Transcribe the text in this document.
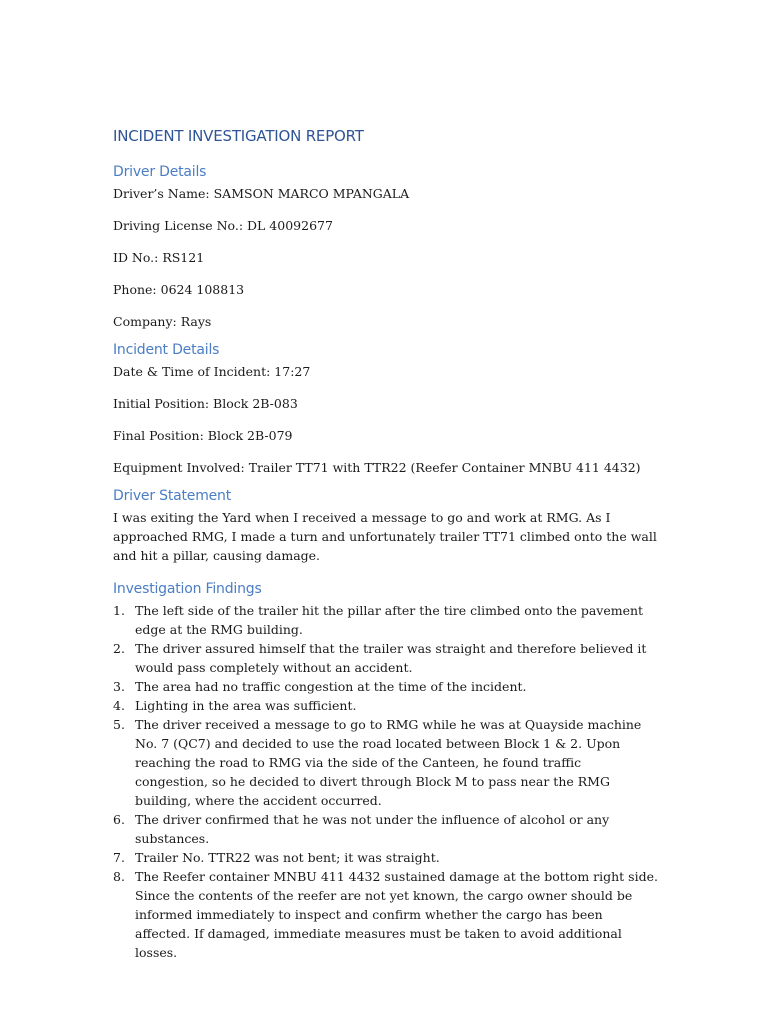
INCIDENT INVESTIGATION REPORT
Driver Details

Driver’s Name: SAMSON MARCO MPANGALA

Driving License No.: DL 40092677

ID No.: RS121

Phone: 0624 108813

Company: Rays

Incident Details

Date & Time of Incident: 17:27

Initial Position: Block 2B-083

Final Position: Block 2B-079

Equipment Involved: Trailer TT71 with TTR22 (Reefer Container MNBU 411 4432)

Driver Statement

I was exiting the Yard when I received a message to go and work at RMG. As I approached RMG, I made a turn and unfortunately trailer TT71 climbed onto the wall and hit a pillar, causing damage.

Investigation Findings
1. The left side of the trailer hit the pillar after the tire climbed onto the pavement edge at the RMG building.
2. The driver assured himself that the trailer was straight and therefore believed it would pass completely without an accident.
3. The area had no traffic congestion at the time of the incident.
4. Lighting in the area was sufficient.
5. The driver received a message to go to RMG while he was at Quayside machine No. 7 (QC7) and decided to use the road located between Block 1 & 2. Upon reaching the road to RMG via the side of the Canteen, he found traffic congestion, so he decided to divert through Block M to pass near the RMG building, where the accident occurred.
6. The driver confirmed that he was not under the influence of alcohol or any substances.
7. Trailer No. TTR22 was not bent; it was straight.
8. The Reefer container MNBU 411 4432 sustained damage at the bottom right side. Since the contents of the reefer are not yet known, the cargo owner should be informed immediately to inspect and confirm whether the cargo has been affected. If damaged, immediate measures must be taken to avoid additional losses.
